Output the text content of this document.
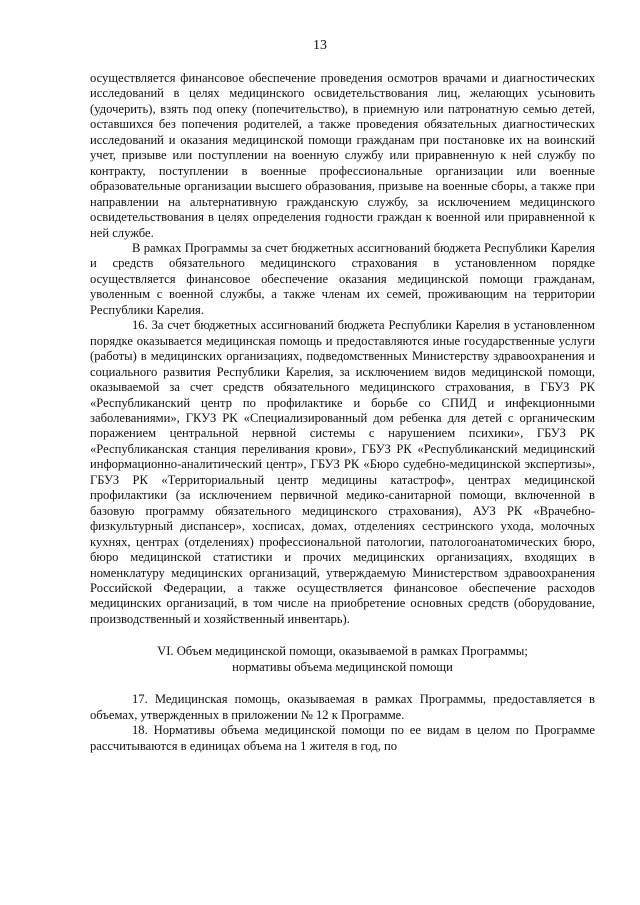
13

осуществляется финансовое обеспечение проведения осмотров врачами и диагностических исследований в целях медицинского освидетельствования лиц, желающих усыновить (удочерить), взять под опеку (попечительство), в приемную или патронатную семью детей, оставшихся без попечения родителей, а также проведения обязательных диагностических исследований и оказания медицинской помощи гражданам при постановке их на воинский учет, призыве или поступлении на военную службу или приравненную к ней службу по контракту, поступлении в военные профессиональные организации или военные образовательные организации высшего образования, призыве на военные сборы, а также при направлении на альтернативную гражданскую службу, за исключением медицинского освидетельствования в целях определения годности граждан к военной или приравненной к ней службе.

В рамках Программы за счет бюджетных ассигнований бюджета Республики Карелия и средств обязательного медицинского страхования в установленном порядке осуществляется финансовое обеспечение оказания медицинской помощи гражданам, уволенным с военной службы, а также членам их семей, проживающим на территории Республики Карелия.

16. За счет бюджетных ассигнований бюджета Республики Карелия в установленном порядке оказывается медицинская помощь и предоставляются иные государственные услуги (работы) в медицинских организациях, подведомственных Министерству здравоохранения и социального развития Республики Карелия, за исключением видов медицинской помощи, оказываемой за счет средств обязательного медицинского страхования, в ГБУЗ РК «Республиканский центр по профилактике и борьбе со СПИД и инфекционными заболеваниями», ГКУЗ РК «Специализированный дом ребенка для детей с органическим поражением центральной нервной системы с нарушением психики», ГБУЗ РК «Республиканская станция переливания крови», ГБУЗ РК «Республиканский медицинский информационно-аналитический центр», ГБУЗ РК «Бюро судебно-медицинской экспертизы», ГБУЗ РК «Территориальный центр медицины катастроф», центрах медицинской профилактики (за исключением первичной медико-санитарной помощи, включенной в базовую программу обязательного медицинского страхования), АУЗ РК «Врачебно-физкультурный диспансер», хосписах, домах, отделениях сестринского ухода, молочных кухнях, центрах (отделениях) профессиональной патологии, патологоанатомических бюро, бюро медицинской статистики и прочих медицинских организациях, входящих в номенклатуру медицинских организаций, утверждаемую Министерством здравоохранения Российской Федерации, а также осуществляется финансовое обеспечение расходов медицинских организаций, в том числе на приобретение основных средств (оборудование, производственный и хозяйственный инвентарь).

VI. Объем медицинской помощи, оказываемой в рамках Программы;

нормативы объема медицинской помощи

17. Медицинская помощь, оказываемая в рамках Программы, предоставляется в объемах, утвержденных в приложении № 12 к Программе.

18. Нормативы объема медицинской помощи по ее видам в целом по Программе рассчитываются в единицах объема на 1 жителя в год, по
